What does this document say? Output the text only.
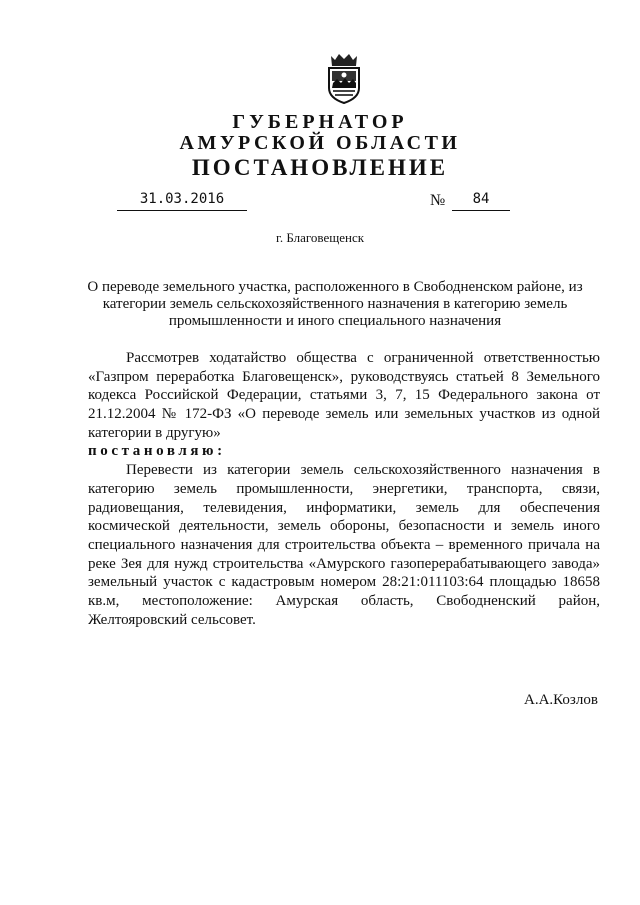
ГУБЕРНАТОР
АМУРСКОЙ ОБЛАСТИ
ПОСТАНОВЛЕНИЕ
31.03.2016	№	84
г. Благовещенск
О переводе земельного участка, расположенного в Свободненском районе, из
категории земель сельскохозяйственного назначения в категорию земель
промышленности и иного специального назначения
Рассмотрев ходатайство общества с ограниченной ответственностью
«Газпром переработка Благовещенск», руководствуясь статьей 8 Земельного
кодекса Российской Федерации, статьями 3, 7, 15 Федерального закона от
21.12.2004 № 172-ФЗ «О переводе земель или земельных участков из одной
категории в другую»
постановляю:
Перевести из категории земель сельскохозяйственного назначения в
категорию земель промышленности, энергетики, транспорта, связи,
радиовещания, телевидения, информатики, земель для обеспечения
космической деятельности, земель обороны, безопасности и земель иного
специального назначения для строительства объекта – временного причала на
реке Зея для нужд строительства «Амурского газоперерабатывающего завода»
земельный участок с кадастровым номером 28:21:011103:64 площадью 18658
кв.м, местоположение: Амурская область, Свободненский район,
Желтояровский сельсовет.
А.А.Козлов
